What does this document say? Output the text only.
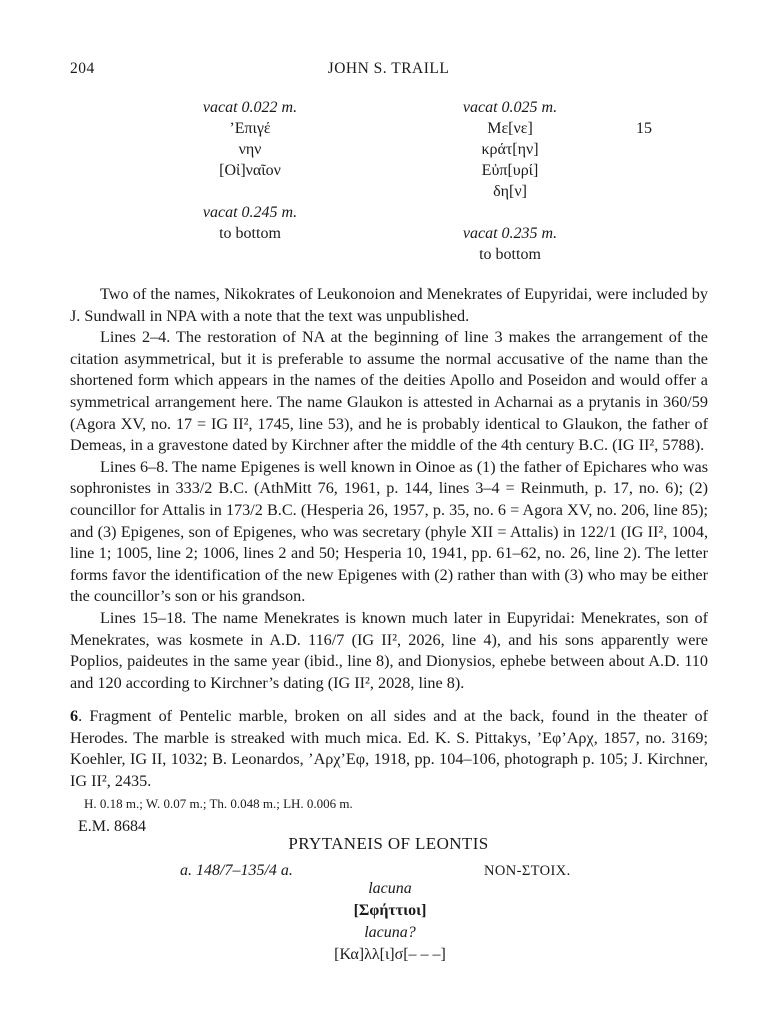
204	JOHN S. TRAILL
vacat 0.022 m.
’Επιγέ
νην
[Οἰ]ναῖον
vacat 0.245 m.
to bottom
vacat 0.025 m.
Με[νε]
κράτ[ην]
Εὐπ[υρί]
δη[ν]
vacat 0.235 m.
to bottom
15

Two of the names, Nikokrates of Leukonoion and Menekrates of Eupyridai, were included by J. Sundwall in NPA with a note that the text was unpublished.

Lines 2–4. The restoration of NA at the beginning of line 3 makes the arrangement of the citation asymmetrical, but it is preferable to assume the normal accusative of the name than the shortened form which appears in the names of the deities Apollo and Poseidon and would offer a symmetrical arrangement here. The name Glaukon is attested in Acharnai as a prytanis in 360/59 (Agora XV, no. 17 = IG II², 1745, line 53), and he is probably identical to Glaukon, the father of Demeas, in a gravestone dated by Kirchner after the middle of the 4th century B.C. (IG II², 5788).

Lines 6–8. The name Epigenes is well known in Oinoe as (1) the father of Epichares who was sophronistes in 333/2 B.C. (AthMitt 76, 1961, p. 144, lines 3–4 = Reinmuth, p. 17, no. 6); (2) councillor for Attalis in 173/2 B.C. (Hesperia 26, 1957, p. 35, no. 6 = Agora XV, no. 206, line 85); and (3) Epigenes, son of Epigenes, who was secretary (phyle XII = Attalis) in 122/1 (IG II², 1004, line 1; 1005, line 2; 1006, lines 2 and 50; Hesperia 10, 1941, pp. 61–62, no. 26, line 2). The letter forms favor the identification of the new Epigenes with (2) rather than with (3) who may be either the councillor’s son or his grandson.

Lines 15–18. The name Menekrates is known much later in Eupyridai: Menekrates, son of Menekrates, was kosmete in A.D. 116/7 (IG II², 2026, line 4), and his sons apparently were Poplios, paideutes in the same year (ibid., line 8), and Dionysios, ephebe between about A.D. 110 and 120 according to Kirchner’s dating (IG II², 2028, line 8).

6. Fragment of Pentelic marble, broken on all sides and at the back, found in the theater of Herodes. The marble is streaked with much mica. Ed. K. S. Pittakys, ’Εφ’Αρχ, 1857, no. 3169; Koehler, IG II, 1032; B. Leonardos, ’Αρχ’Εφ, 1918, pp. 104–106, photograph p. 105; J. Kirchner, IG II², 2435.
H. 0.18 m.; W. 0.07 m.; Th. 0.048 m.; LH. 0.006 m.
E.M. 8684
PRYTANEIS OF LEONTIS
a. 148/7–135/4 a.	NON-ΣΤΟΙΧ.
lacuna
[Σφήττιοι]
lacuna?
[Κα]λλ[ι]σ[– – –]
